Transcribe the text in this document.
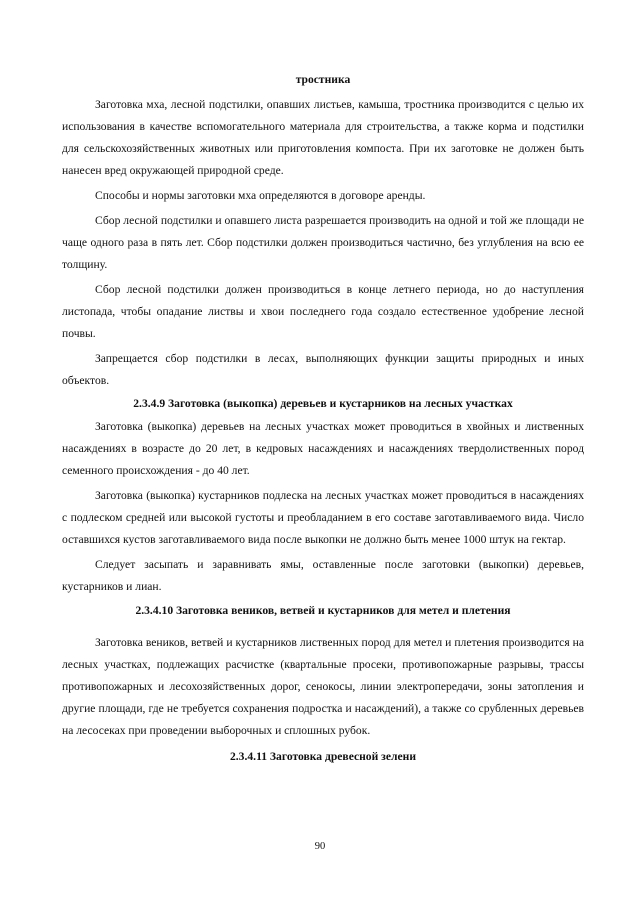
тростника

Заготовка мха, лесной подстилки, опавших листьев, камыша, тростника производится с целью их использования в качестве вспомогательного материала для строительства, а также корма и подстилки для сельскохозяйственных животных или приготовления компоста. При их заготовке не должен быть нанесен вред окружающей природной среде.

Способы и нормы заготовки мха определяются в договоре аренды.

Сбор лесной подстилки и опавшего листа разрешается производить на одной и той же площади не чаще одного раза в пять лет. Сбор подстилки должен производиться частично, без углубления на всю ее толщину.

Сбор лесной подстилки должен производиться в конце летнего периода, но до наступления листопада, чтобы опадание листвы и хвои последнего года создало естественное удобрение лесной почвы.

Запрещается сбор подстилки в лесах, выполняющих функции защиты природных и иных объектов.

2.3.4.9 Заготовка (выкопка) деревьев и кустарников на лесных участках

Заготовка (выкопка) деревьев на лесных участках может проводиться в хвойных и лиственных насаждениях в возрасте до 20 лет, в кедровых насаждениях и насаждениях твердолиственных пород семенного происхождения - до 40 лет.

Заготовка (выкопка) кустарников подлеска на лесных участках может проводиться в насаждениях с подлеском средней или высокой густоты и преобладанием в его составе заготавливаемого вида. Число оставшихся кустов заготавливаемого вида после выкопки не должно быть менее 1000 штук на гектар.

Следует засыпать и заравнивать ямы, оставленные после заготовки (выкопки) деревьев, кустарников и лиан.

2.3.4.10 Заготовка веников, ветвей и кустарников для метел и плетения

Заготовка веников, ветвей и кустарников лиственных пород для метел и плетения производится на лесных участках, подлежащих расчистке (квартальные просеки, противопожарные разрывы, трассы противопожарных и лесохозяйственных дорог, сенокосы, линии электропередачи, зоны затопления и другие площади, где не требуется сохранения подростка и насаждений), а также со срубленных деревьев на лесосеках при проведении выборочных и сплошных рубок.

2.3.4.11 Заготовка древесной зелени

90
